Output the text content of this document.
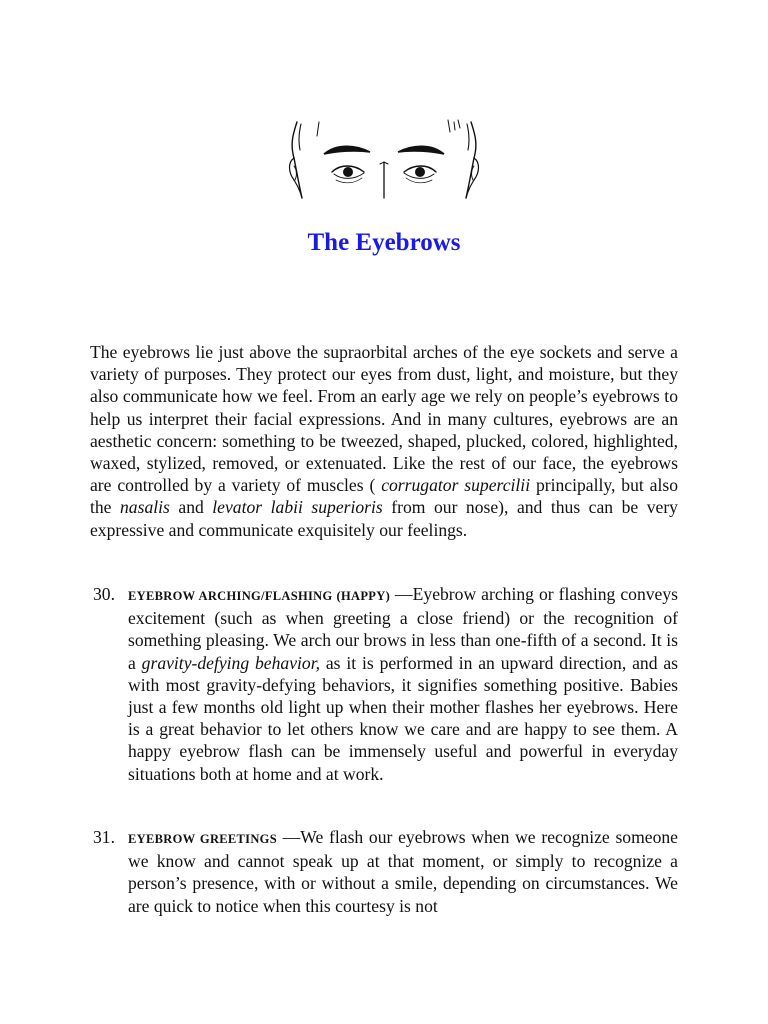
The Eyebrows

The eyebrows lie just above the supraorbital arches of the eye sockets and serve a variety of purposes. They protect our eyes from dust, light, and moisture, but they also communicate how we feel. From an early age we rely on people’s eyebrows to help us interpret their facial expressions. And in many cultures, eyebrows are an aesthetic concern: something to be tweezed, shaped, plucked, colored, highlighted, waxed, stylized, removed, or extenuated. Like the rest of our face, the eyebrows are controlled by a variety of muscles ( corrugator supercilii principally, but also the nasalis and levator labii superioris from our nose), and thus can be very expressive and communicate exquisitely our feelings.

30. EYEBROW ARCHING/FLASHING (HAPPY) —Eyebrow arching or flashing conveys excitement (such as when greeting a close friend) or the recognition of something pleasing. We arch our brows in less than one-fifth of a second. It is a gravity-defying behavior, as it is performed in an upward direction, and as with most gravity-defying behaviors, it signifies something positive. Babies just a few months old light up when their mother flashes her eyebrows. Here is a great behavior to let others know we care and are happy to see them. A happy eyebrow flash can be immensely useful and powerful in everyday situations both at home and at work.

31. EYEBROW GREETINGS —We flash our eyebrows when we recognize someone we know and cannot speak up at that moment, or simply to recognize a person’s presence, with or without a smile, depending on circumstances. We are quick to notice when this courtesy is not
